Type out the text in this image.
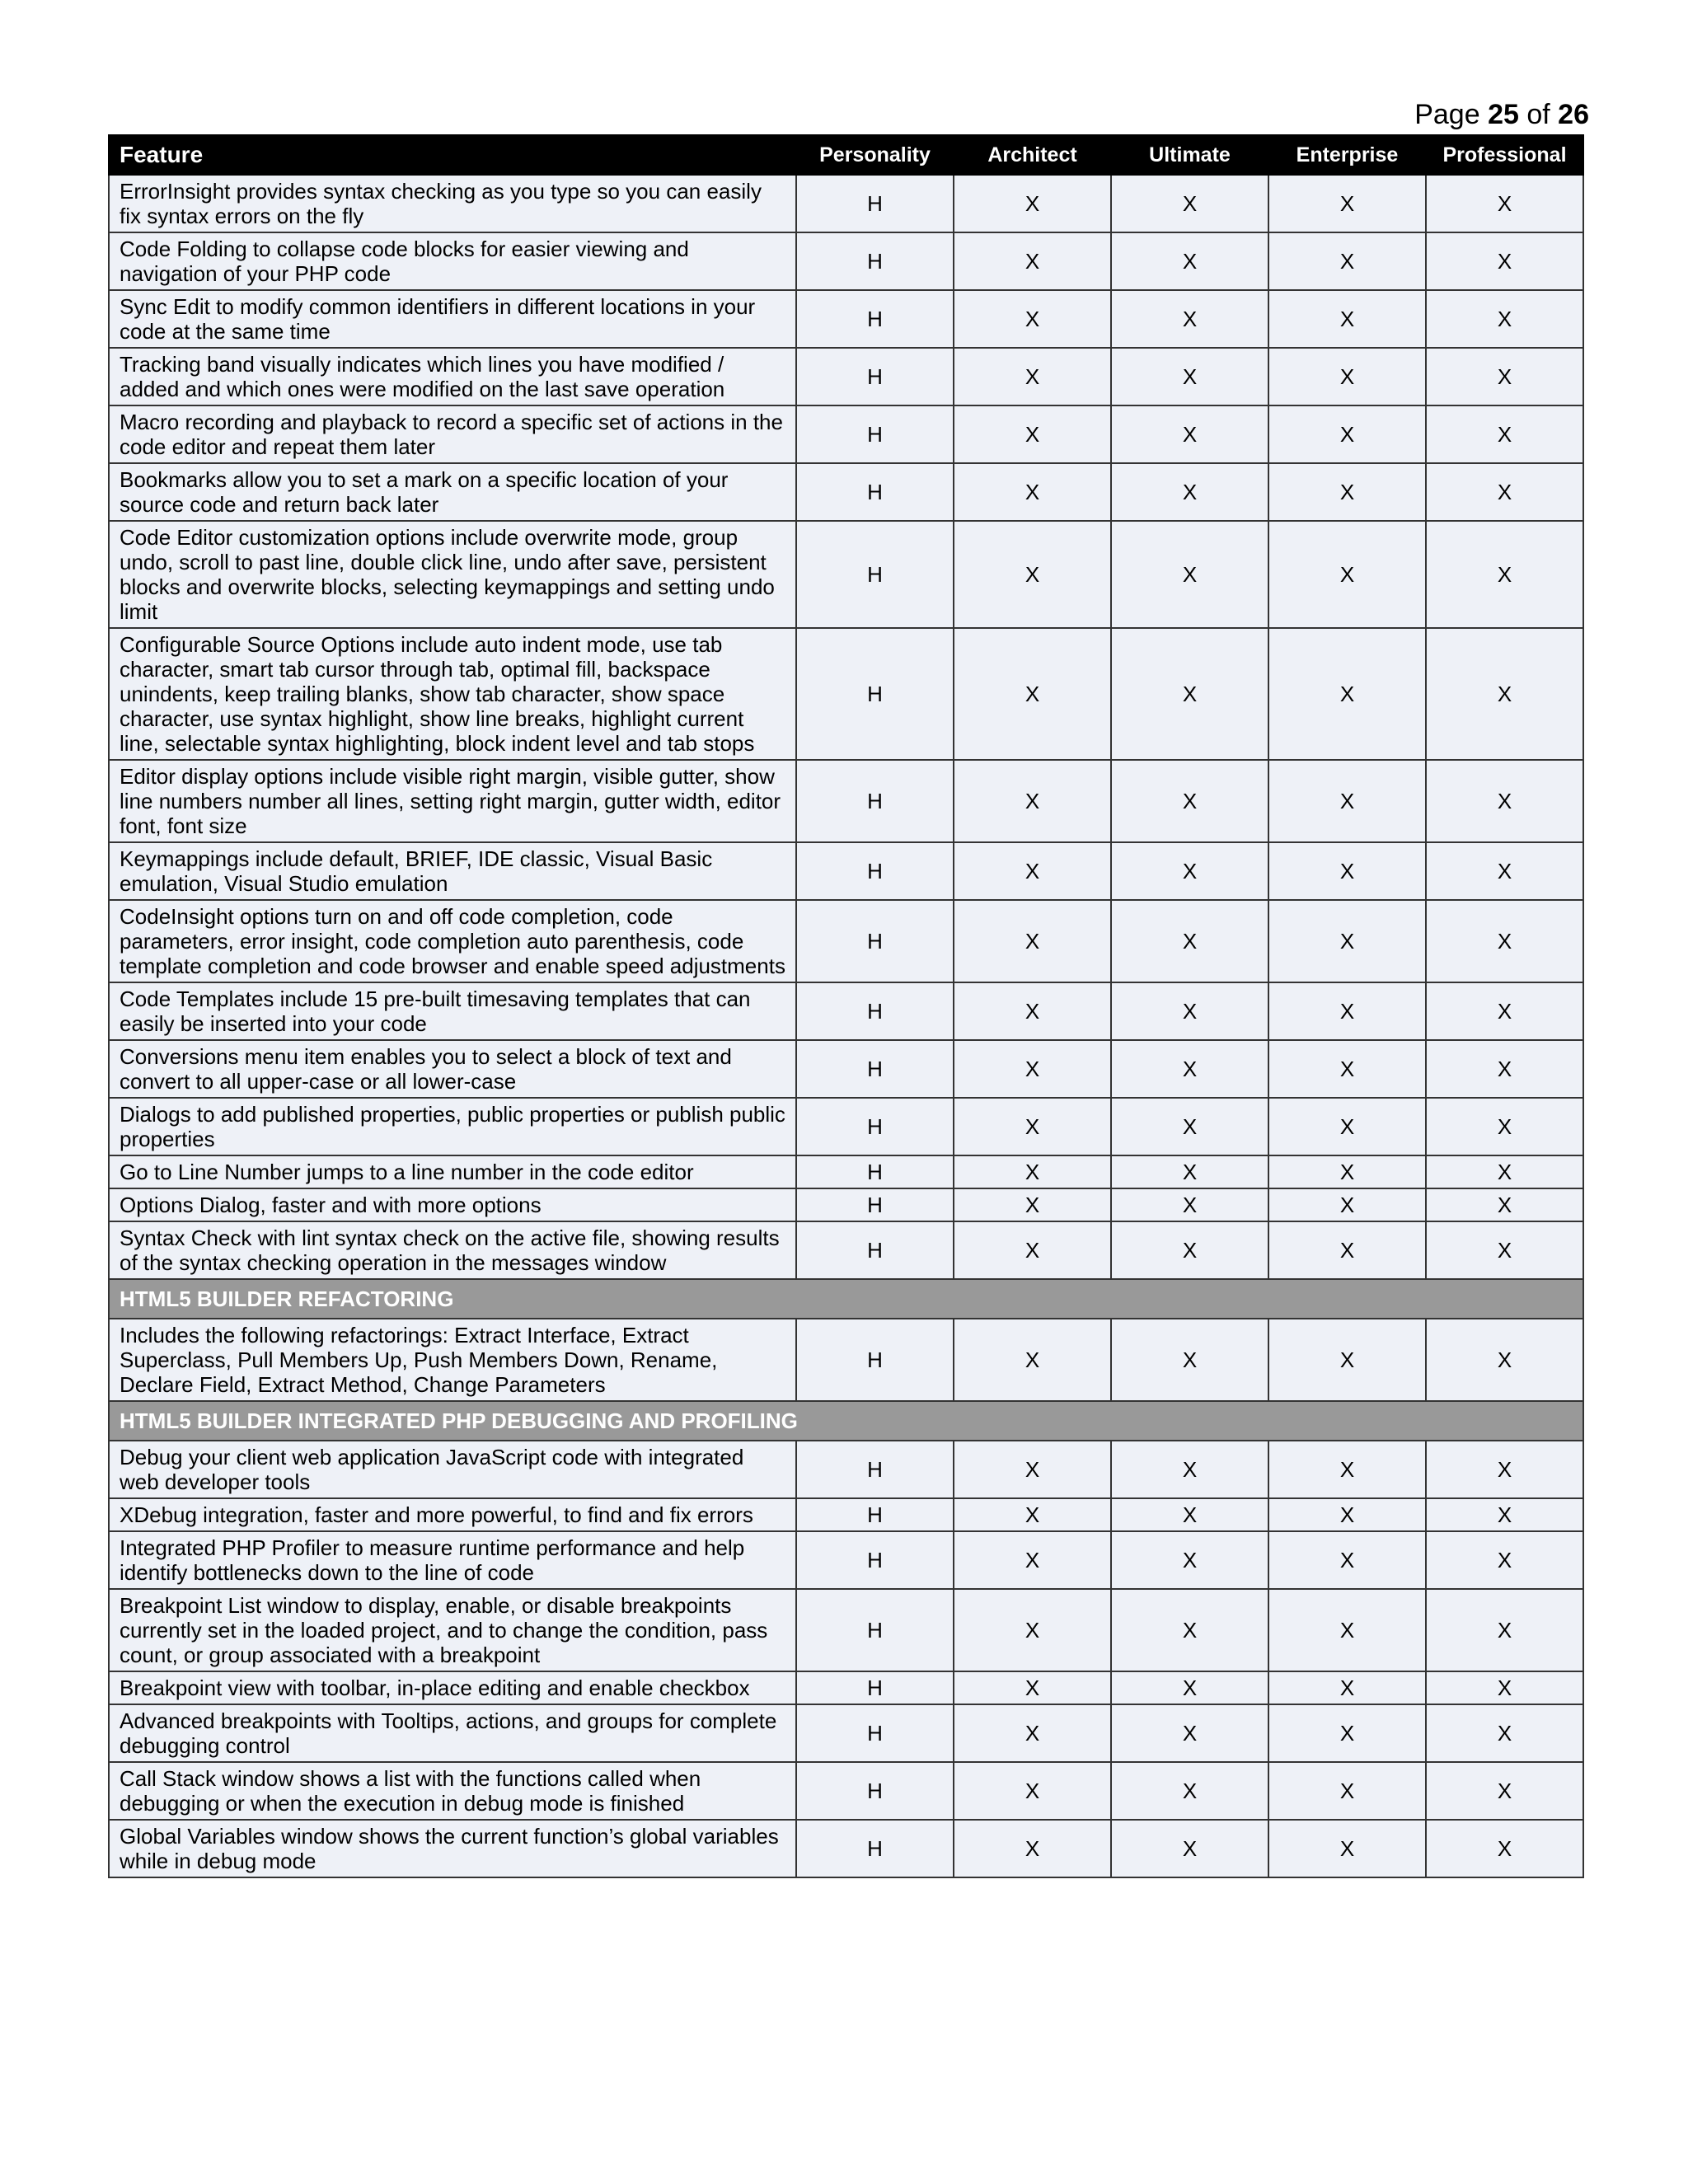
Page 25 of 26
Feature	Personality	Architect	Ultimate	Enterprise	Professional
ErrorInsight provides syntax checking as you type so you can easily fix syntax errors on the fly	H	X	X	X	X
Code Folding to collapse code blocks for easier viewing and navigation of your PHP code	H	X	X	X	X
Sync Edit to modify common identifiers in different locations in your code at the same time	H	X	X	X	X
Tracking band visually indicates which lines you have modified / added and which ones were modified on the last save operation	H	X	X	X	X
Macro recording and playback to record a specific set of actions in the code editor and repeat them later	H	X	X	X	X
Bookmarks allow you to set a mark on a specific location of your source code and return back later	H	X	X	X	X
Code Editor customization options include overwrite mode, group undo, scroll to past line, double click line, undo after save, persistent blocks and overwrite blocks, selecting keymappings and setting undo limit	H	X	X	X	X
Configurable Source Options include auto indent mode, use tab character, smart tab cursor through tab, optimal fill, backspace unindents, keep trailing blanks, show tab character, show space character, use syntax highlight, show line breaks, highlight current line, selectable syntax highlighting, block indent level and tab stops	H	X	X	X	X
Editor display options include visible right margin, visible gutter, show line numbers number all lines, setting right margin, gutter width, editor font, font size	H	X	X	X	X
Keymappings include default, BRIEF, IDE classic, Visual Basic emulation, Visual Studio emulation	H	X	X	X	X
CodeInsight options turn on and off code completion, code parameters, error insight, code completion auto parenthesis, code template completion and code browser and enable speed adjustments	H	X	X	X	X
Code Templates include 15 pre-built timesaving templates that can easily be inserted into your code	H	X	X	X	X
Conversions menu item enables you to select a block of text and convert to all upper-case or all lower-case	H	X	X	X	X
Dialogs to add published properties, public properties or publish public properties	H	X	X	X	X
Go to Line Number jumps to a line number in the code editor	H	X	X	X	X
Options Dialog, faster and with more options	H	X	X	X	X
Syntax Check with lint syntax check on the active file, showing results of the syntax checking operation in the messages window	H	X	X	X	X
HTML5 BUILDER REFACTORING					
Includes the following refactorings: Extract Interface, Extract Superclass, Pull Members Up, Push Members Down, Rename, Declare Field, Extract Method, Change Parameters	H	X	X	X	X
HTML5 BUILDER INTEGRATED PHP DEBUGGING AND PROFILING					
Debug your client web application JavaScript code with integrated web developer tools	H	X	X	X	X
XDebug integration, faster and more powerful, to find and fix errors	H	X	X	X	X
Integrated PHP Profiler to measure runtime performance and help identify bottlenecks down to the line of code	H	X	X	X	X
Breakpoint List window to display, enable, or disable breakpoints currently set in the loaded project, and to change the condition, pass count, or group associated with a breakpoint	H	X	X	X	X
Breakpoint view with toolbar, in-place editing and enable checkbox	H	X	X	X	X
Advanced breakpoints with Tooltips, actions, and groups for complete debugging control	H	X	X	X	X
Call Stack window shows a list with the functions called when debugging or when the execution in debug mode is finished	H	X	X	X	X
Global Variables window shows the current function’s global variables while in debug mode	H	X	X	X	X
